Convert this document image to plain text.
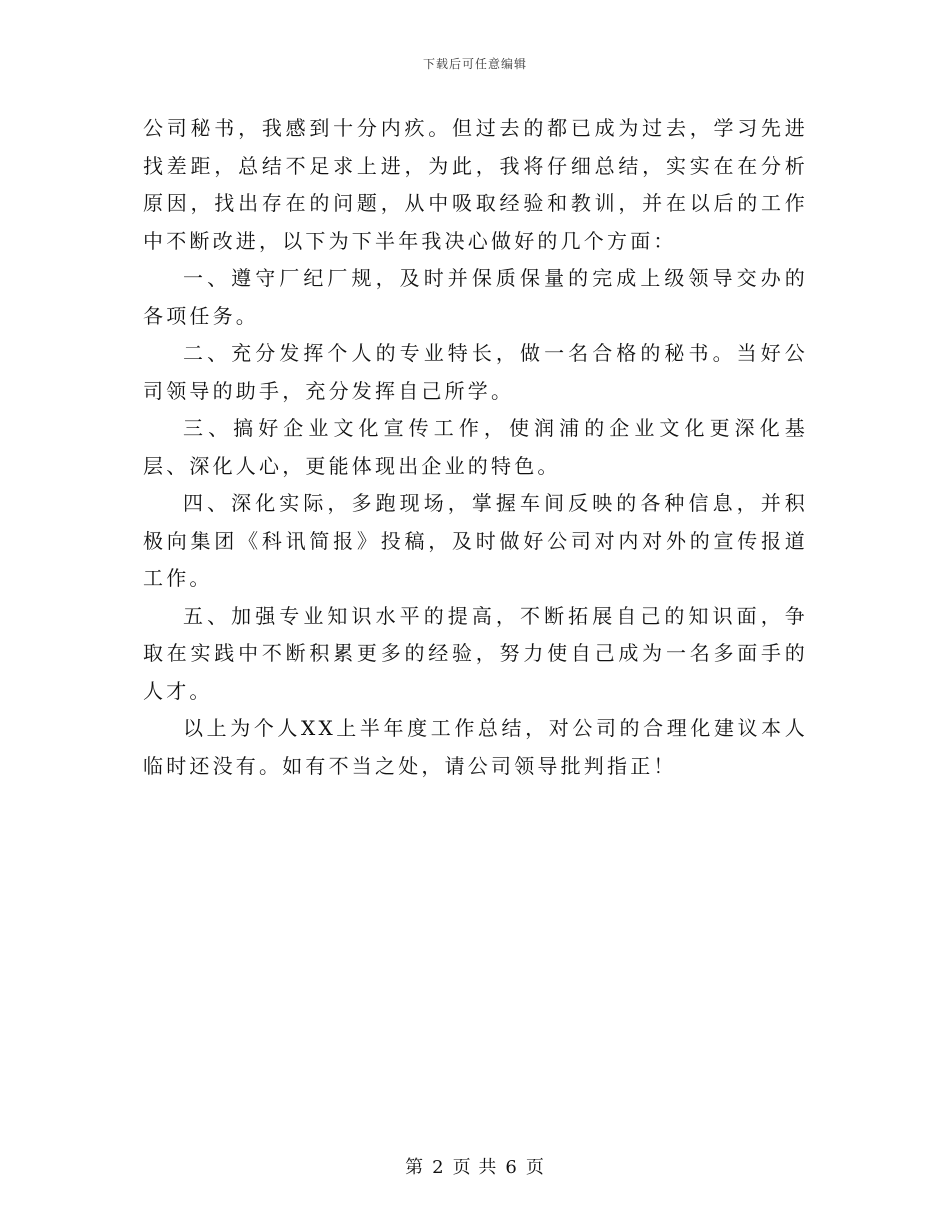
下载后可任意编辑

公司秘书，我感到十分内疚。但过去的都已成为过去，学习先进找差距，总结不足求上进，为此，我将仔细总结，实实在在分析原因，找出存在的问题，从中吸取经验和教训，并在以后的工作中不断改进，以下为下半年我决心做好的几个方面：

一、遵守厂纪厂规，及时并保质保量的完成上级领导交办的各项任务。

二、充分发挥个人的专业特长，做一名合格的秘书。当好公司领导的助手，充分发挥自己所学。

三、搞好企业文化宣传工作，使润浦的企业文化更深化基层、深化人心，更能体现出企业的特色。

四、深化实际，多跑现场，掌握车间反映的各种信息，并积极向集团《科讯简报》投稿，及时做好公司对内对外的宣传报道工作。

五、加强专业知识水平的提高，不断拓展自己的知识面，争取在实践中不断积累更多的经验，努力使自己成为一名多面手的人才。

以上为个人XX上半年度工作总结，对公司的合理化建议本人临时还没有。如有不当之处，请公司领导批判指正！

第 2 页 共 6 页
